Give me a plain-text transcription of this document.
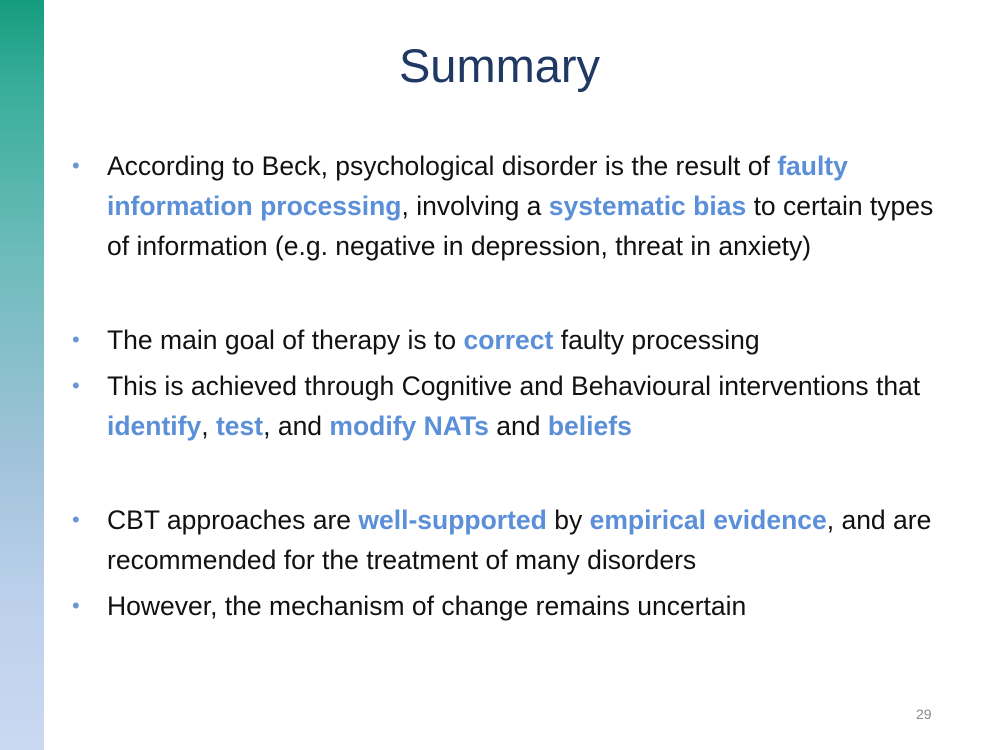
Summary
• According to Beck, psychological disorder is the result of faulty information processing, involving a systematic bias to certain types of information (e.g. negative in depression, threat in anxiety)
• The main goal of therapy is to correct faulty processing
• This is achieved through Cognitive and Behavioural interventions that identify, test, and modify NATs and beliefs
• CBT approaches are well-supported by empirical evidence, and are recommended for the treatment of many disorders
• However, the mechanism of change remains uncertain
29
